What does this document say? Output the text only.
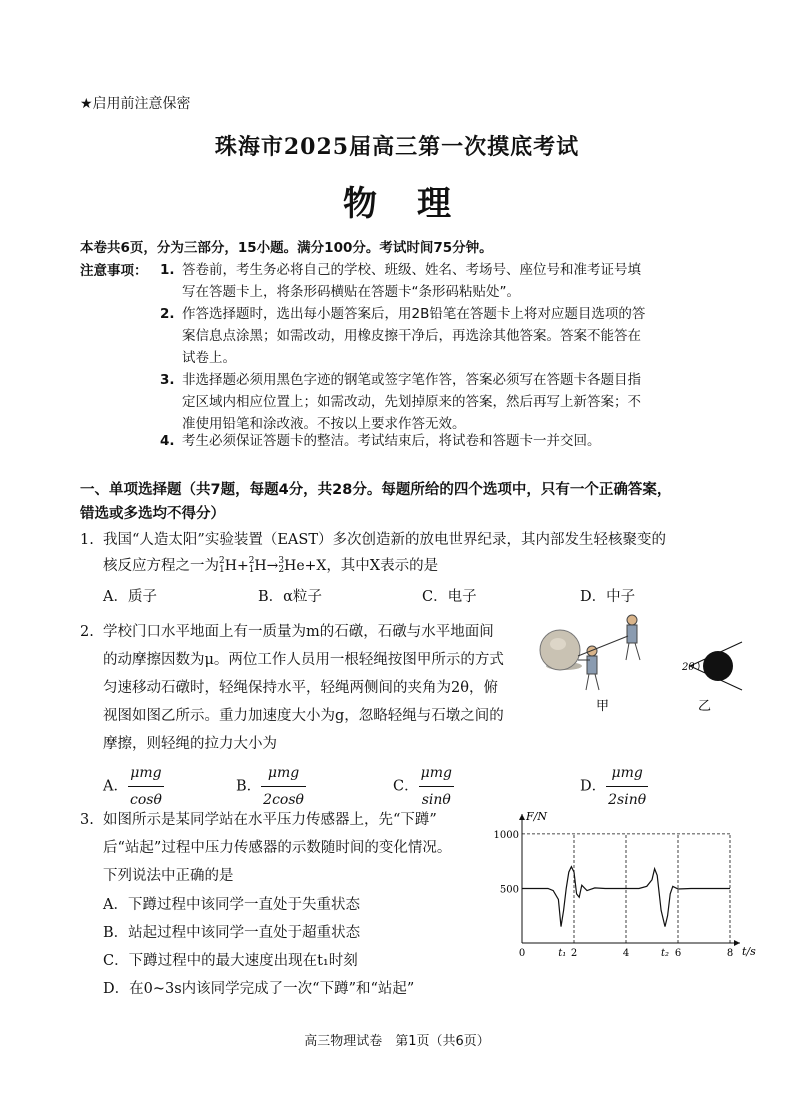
★启用前注意保密
珠海市2025届高三第一次摸底考试
物理
本卷共6页，分为三部分，15小题。满分100分。考试时间75分钟。
注意事项： 1. 答卷前，考生务必将自己的学校、班级、姓名、考场号、座位号和准考证号填
写在答题卡上，将条形码横贴在答题卡“条形码粘贴处”。
2. 作答选择题时，选出每小题答案后，用2B铅笔在答题卡上将对应题目选项的答
案信息点涂黑；如需改动，用橡皮擦干净后，再选涂其他答案。答案不能答在
试卷上。
3. 非选择题必须用黑色字迹的钢笔或签字笔作答，答案必须写在答题卡各题目指
定区域内相应位置上；如需改动，先划掉原来的答案，然后再写上新答案；不
准使用铅笔和涂改液。不按以上要求作答无效。
4. 考生必须保证答题卡的整洁。考试结束后，将试卷和答题卡一并交回。
一、单项选择题（共7题，每题4分，共28分。每题所给的四个选项中，只有一个正确答案，
错选或多选均不得分）
1. 我国“人造太阳”实验装置（EAST）多次创造新的放电世界纪录，其内部发生轻核聚变的
核反应方程之一为2
1H+2
1H→3
2He+X，其中X表示的是
A．质子	B．α粒子	C．电子	D．中子
2. 学校门口水平地面上有一质量为m的石礅，石礅与水平地面间
的动摩擦因数为μ。两位工作人员用一根轻绳按图甲所示的方式
匀速移动石礅时，轻绳保持水平，轻绳两侧间的夹角为2θ，俯
视图如图乙所示。重力加速度大小为g，忽略轻绳与石墩之间的
摩擦，则轻绳的拉力大小为
2θ
甲	乙
A． $\frac{\text{μmg}}{\cos\theta}$	B． $\frac{\text{μmg}}{2\cos\theta}$	C． $\frac{\text{μmg}}{\sin\theta}$	D． $\frac{\text{μmg}}{2\sin\theta}$
3. 如图所示是某同学站在水平压力传感器上，先“下蹲”
后“站起”过程中压力传感器的示数随时间的变化情况。
下列说法中正确的是
A．下蹲过程中该同学一直处于失重状态
B．站起过程中该同学一直处于超重状态
C．下蹲过程中的最大速度出现在t₁时刻
D．在0~3s内该同学完成了一次“下蹲”和“站起”
F/N
t/s
1000
500
0	t₁ 2	4	t₂ 6	8
高三物理试卷　第1页（共6页）
